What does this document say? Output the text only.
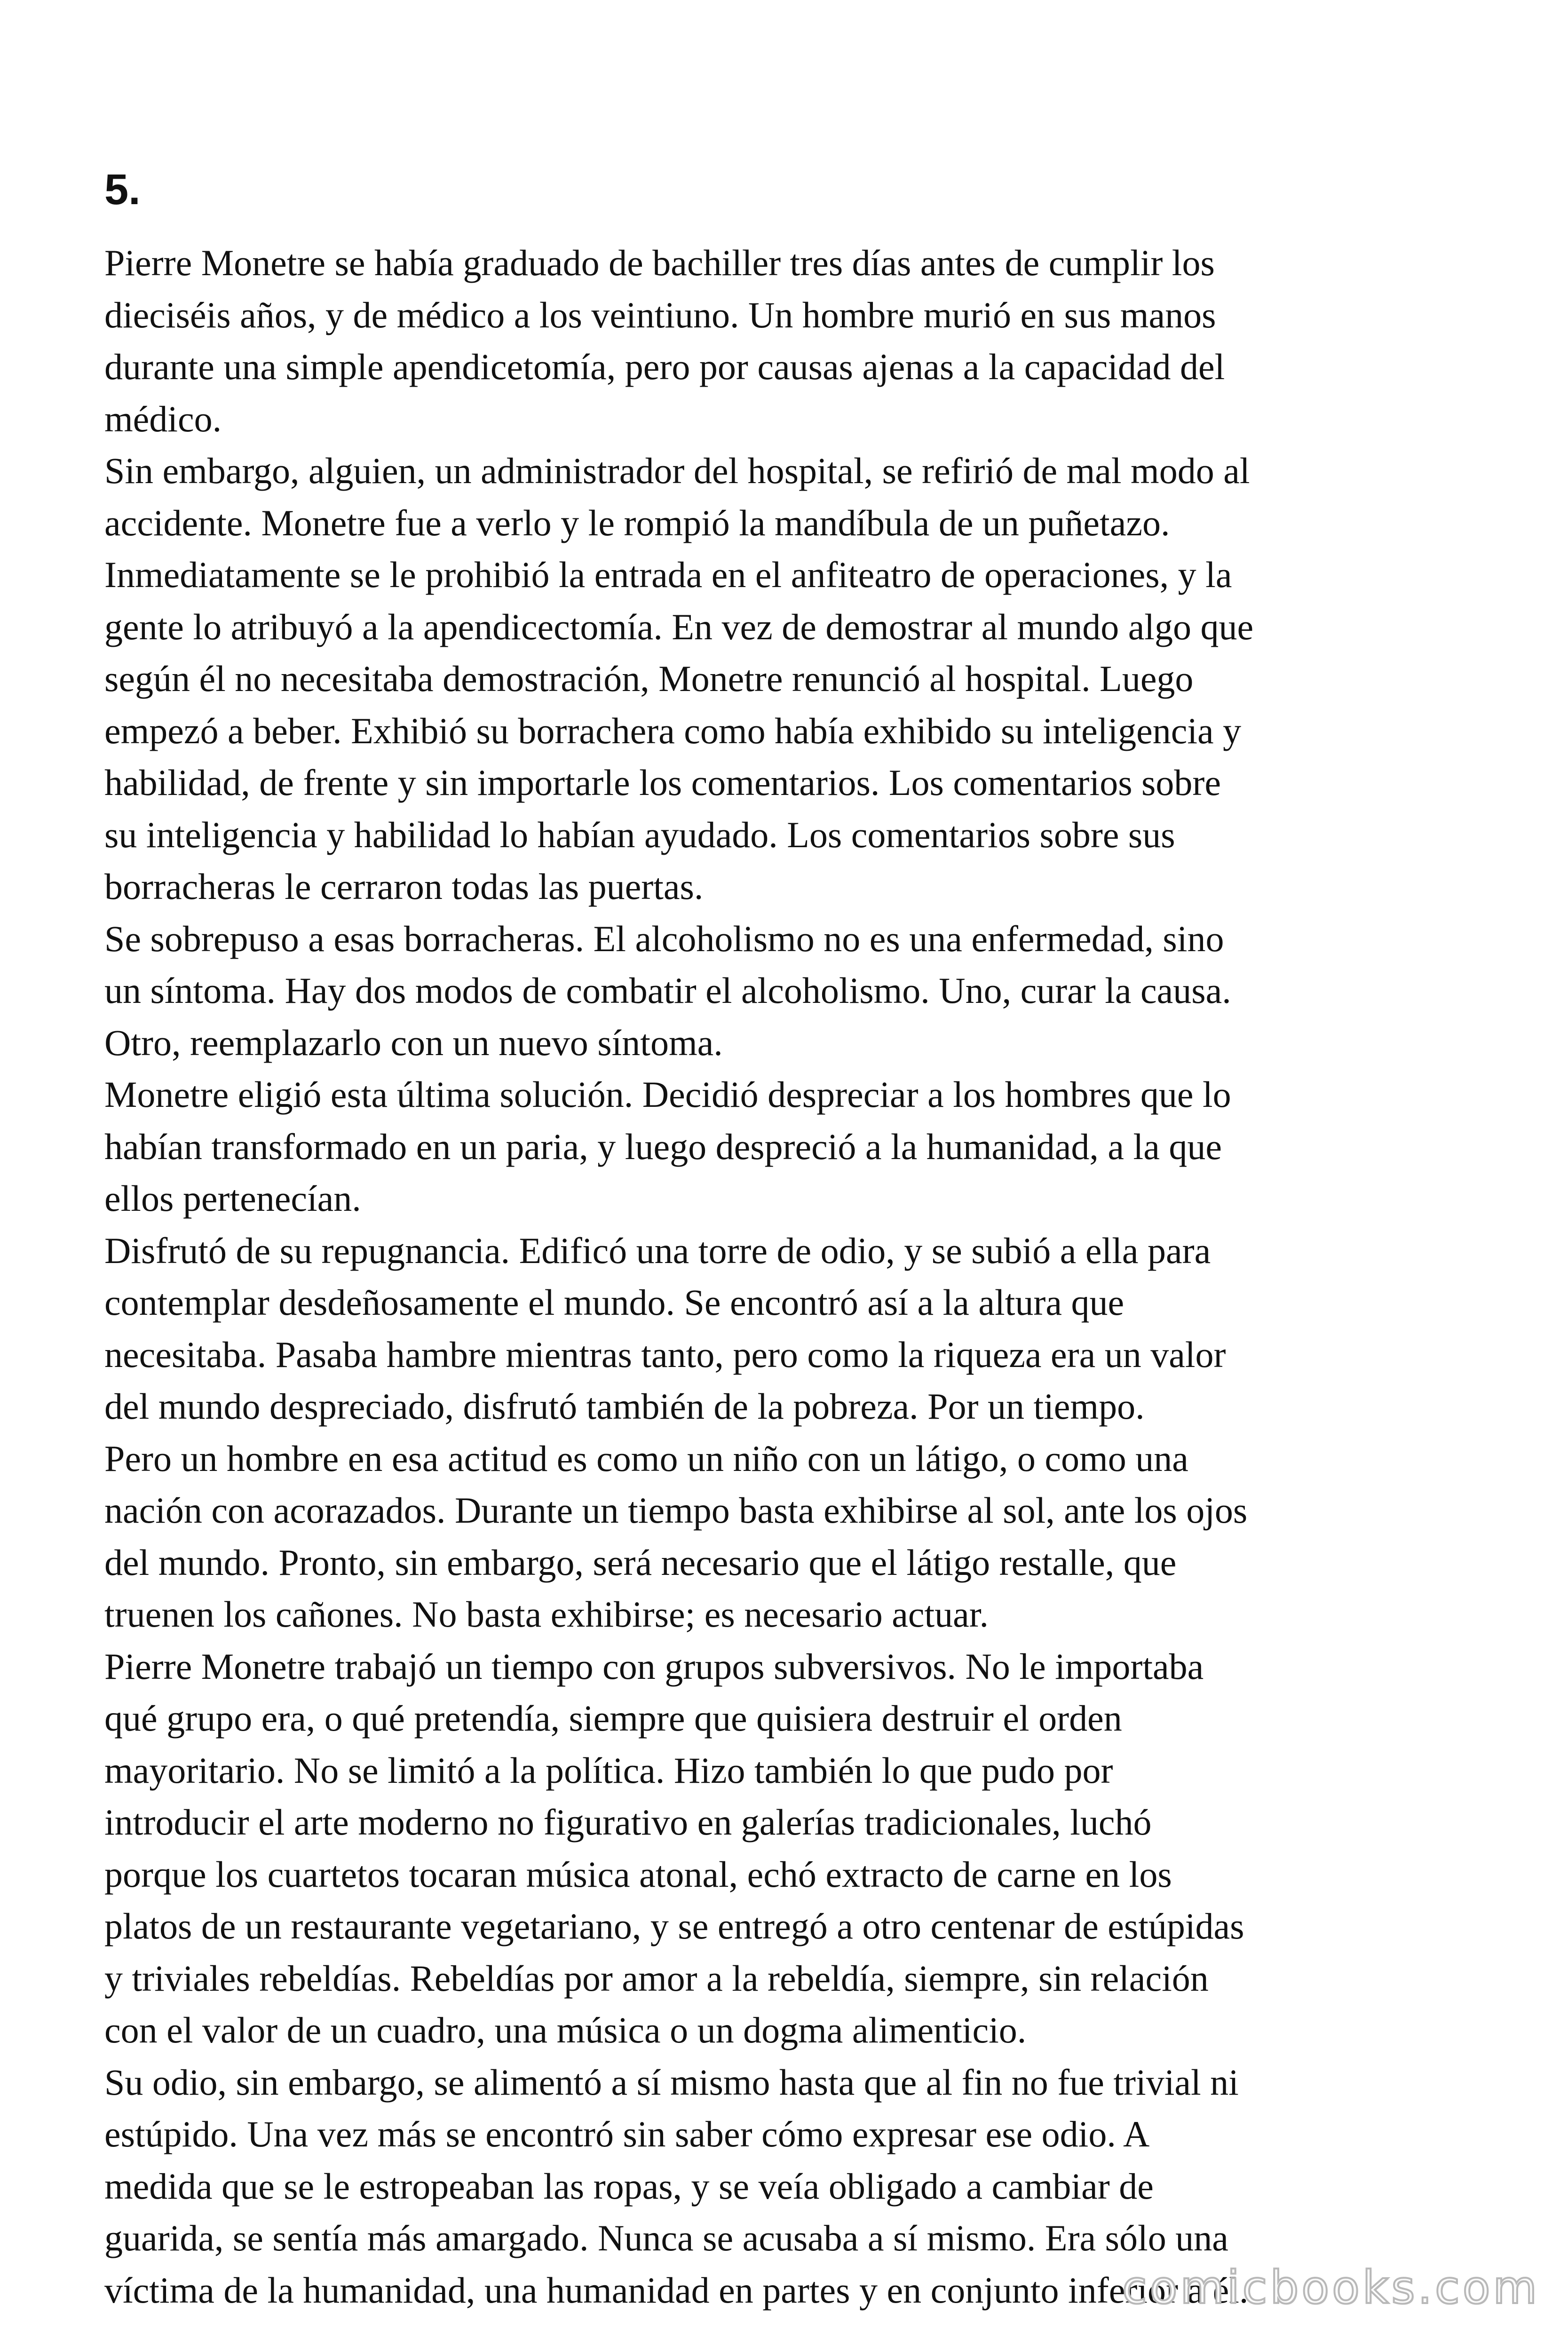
5.
Pierre Monetre se había graduado de bachiller tres días antes de cumplir los
dieciséis años, y de médico a los veintiuno. Un hombre murió en sus manos
durante una simple apendicetomía, pero por causas ajenas a la capacidad del
médico.
Sin embargo, alguien, un administrador del hospital, se refirió de mal modo al
accidente. Monetre fue a verlo y le rompió la mandíbula de un puñetazo.
Inmediatamente se le prohibió la entrada en el anfiteatro de operaciones, y la
gente lo atribuyó a la apendicectomía. En vez de demostrar al mundo algo que
según él no necesitaba demostración, Monetre renunció al hospital. Luego
empezó a beber. Exhibió su borrachera como había exhibido su inteligencia y
habilidad, de frente y sin importarle los comentarios. Los comentarios sobre
su inteligencia y habilidad lo habían ayudado. Los comentarios sobre sus
borracheras le cerraron todas las puertas.
Se sobrepuso a esas borracheras. El alcoholismo no es una enfermedad, sino
un síntoma. Hay dos modos de combatir el alcoholismo. Uno, curar la causa.
Otro, reemplazarlo con un nuevo síntoma.
Monetre eligió esta última solución. Decidió despreciar a los hombres que lo
habían transformado en un paria, y luego despreció a la humanidad, a la que
ellos pertenecían.
Disfrutó de su repugnancia. Edificó una torre de odio, y se subió a ella para
contemplar desdeñosamente el mundo. Se encontró así a la altura que
necesitaba. Pasaba hambre mientras tanto, pero como la riqueza era un valor
del mundo despreciado, disfrutó también de la pobreza. Por un tiempo.
Pero un hombre en esa actitud es como un niño con un látigo, o como una
nación con acorazados. Durante un tiempo basta exhibirse al sol, ante los ojos
del mundo. Pronto, sin embargo, será necesario que el látigo restalle, que
truenen los cañones. No basta exhibirse; es necesario actuar.
Pierre Monetre trabajó un tiempo con grupos subversivos. No le importaba
qué grupo era, o qué pretendía, siempre que quisiera destruir el orden
mayoritario. No se limitó a la política. Hizo también lo que pudo por
introducir el arte moderno no figurativo en galerías tradicionales, luchó
porque los cuartetos tocaran música atonal, echó extracto de carne en los
platos de un restaurante vegetariano, y se entregó a otro centenar de estúpidas
y triviales rebeldías. Rebeldías por amor a la rebeldía, siempre, sin relación
con el valor de un cuadro, una música o un dogma alimenticio.
Su odio, sin embargo, se alimentó a sí mismo hasta que al fin no fue trivial ni
estúpido. Una vez más se encontró sin saber cómo expresar ese odio. A
medida que se le estropeaban las ropas, y se veía obligado a cambiar de
guarida, se sentía más amargado. Nunca se acusaba a sí mismo. Era sólo una
víctima de la humanidad, una humanidad en partes y en conjunto inferior a él.
comicbooks.com
